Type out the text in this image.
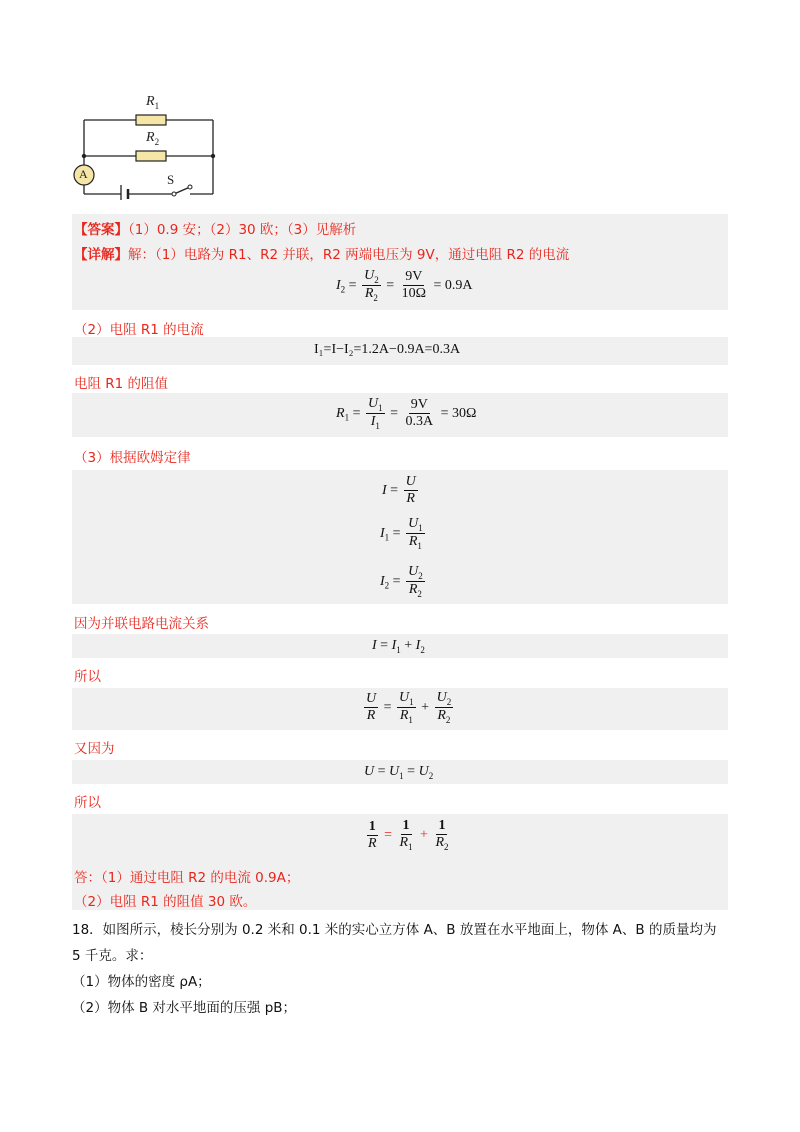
$R_1$
$R_2$
A	S
【答案】（1）0.9 安；（2）30 欧；（3）见解析
【详解】解：（1）电路为 R1、R2 并联，R2 两端电压为 9V，通过电阻 R2 的电流
$I_2 = \frac{U_2}{R_2} = \frac{9V}{10\Omega} = 0.9A$
（2）电阻 R1 的电流
I₁=I−I₂=1.2A−0.9A=0.3A
电阻 R1 的阻值
$R_1 = \frac{U_1}{I_1} = \frac{9V}{0.3A} = 30\Omega$
（3）根据欧姆定律
$I = \frac{U}{R}$
$I_1 = \frac{U_1}{R_1}$
$I_2 = \frac{U_2}{R_2}$
因为并联电路电流关系
$I = I_1 + I_2$
所以
$\frac{U}{R} = \frac{U_1}{R_1} + \frac{U_2}{R_2}$
又因为
$U = U_1 = U_2$
所以
$\frac{1}{R} = \frac{1}{R_1} + \frac{1}{R_2}$
答：（1）通过电阻 R2 的电流 0.9A；
（2）电阻 R1 的阻值 30 欧。
18．如图所示，棱长分别为 0.2 米和 0.1 米的实心立方体 A、B 放置在水平地面上，物体 A、B 的质量均为
5 千克。求：
（1）物体的密度 ρA；
（2）物体 B 对水平地面的压强 pB；
